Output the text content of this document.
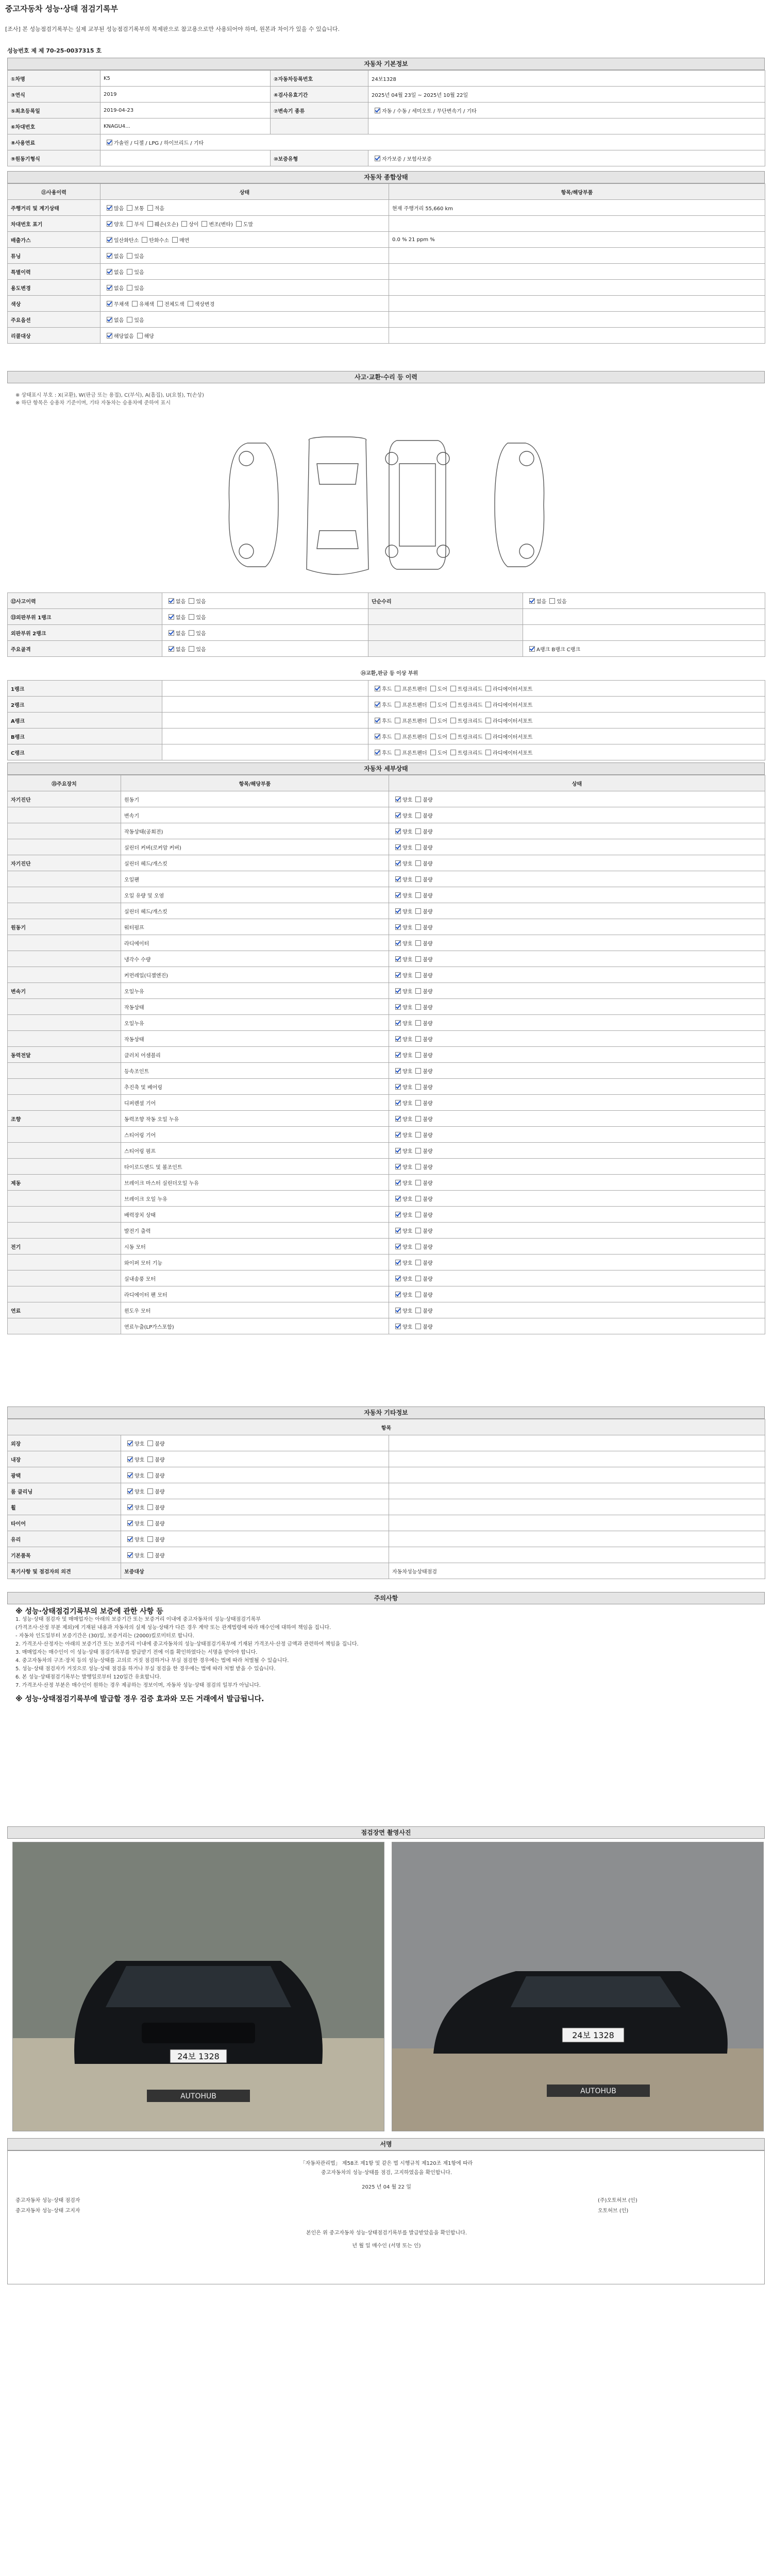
중고자동차 성능·상태 점검기록부
[조사] 본 성능점검기록부는 실제 교부된 성능점검기록부의 복제판으로 참고용으로만 사용되어야 하며, 원본과 차이가 있을 수 있습니다.
성능번호 제 제 70-25-0037315 호
자동차 기본정보
①차명	K5	②자동차등록번호	24보1328
③연식	2019	④검사유효기간	2025년 04월 23일 ~ 2025년 10월 22일
⑤최초등록일	2019-04-23	⑦변속기 종류	자동 / 수동 / 세미오토 / 무단변속기 / 기타
⑥차대번호	KNAGU4...		
⑧사용연료	가솔린 / 디젤 / LPG / 하이브리드 / 기타		
⑨원동기형식		⑩보증유형	자가보증 / 보험사보증
자동차 종합상태
⑪사용이력	상태	항목/해당부품
주행거리 및 계기상태	많음 보통 적음	현재 주행거리 55,660 km
차대번호 표기	양호 부식 훼손(오손) 상이 변조(변타) 도말	
배출가스	일산화탄소 탄화수소 매연	0.0 % 21 ppm %
튜닝	없음 있음	
특별이력	없음 있음	
용도변경	없음 있음	
색상	무채색 유채색 전체도색 색상변경	
주요옵션	없음 있음	
리콜대상	해당없음 해당	
사고·교환·수리 등 이력
※ 상태표시 부호 : X(교환), W(판금 또는 용접), C(부식), A(흠집), U(요철), T(손상)
※ 하단 항목은 승용차 기준이며, 기타 자동차는 승용차에 준하여 표시
⑫사고이력	없음 있음	단순수리	없음 있음
⑬외판부위 1랭크	없음 있음		
외판부위 2랭크	없음 있음		
주요골격	없음 있음		A랭크 B랭크 C랭크
⑭교환,판금 등 이상 부위
1랭크		후드 프론트펜더 도어 트렁크리드 라디에이터서포트
2랭크		후드 프론트펜더 도어 트렁크리드 라디에이터서포트
A랭크		후드 프론트펜더 도어 트렁크리드 라디에이터서포트
B랭크		후드 프론트펜더 도어 트렁크리드 라디에이터서포트
C랭크		후드 프론트펜더 도어 트렁크리드 라디에이터서포트
자동차 세부상태
⑮주요장치	항목/해당부품	상태
자기진단	원동기	양호 불량
	변속기	양호 불량
	작동상태(공회전)	양호 불량
	실린더 커버(로커암 커버)	양호 불량
자기진단	실린더 헤드/개스킷	양호 불량
	오일팬	양호 불량
	오일 유량 및 오염	양호 불량
	실린더 헤드/개스킷	양호 불량
원동기	워터펌프	양호 불량
	라디에이터	양호 불량
	냉각수 수량	양호 불량
	커먼레일(디젤엔진)	양호 불량
변속기	오일누유	양호 불량
	작동상태	양호 불량
	오일누유	양호 불량
	작동상태	양호 불량
동력전달	클러치 어셈블리	양호 불량
	등속조인트	양호 불량
	추진축 및 베어링	양호 불량
	디퍼렌셜 기어	양호 불량
조향	동력조향 작동 오일 누유	양호 불량
	스티어링 기어	양호 불량
	스티어링 펌프	양호 불량
	타이로드엔드 및 볼조인트	양호 불량
제동	브레이크 마스터 실린더오일 누유	양호 불량
	브레이크 오일 누유	양호 불량
	배력장치 상태	양호 불량
	발전기 출력	양호 불량
전기	시동 모터	양호 불량
	와이퍼 모터 기능	양호 불량
	실내송풍 모터	양호 불량
	라디에이터 팬 모터	양호 불량
연료	윈도우 모터	양호 불량
	연료누출(LP가스포함)	양호 불량
자동차 기타정보
항목		
외장	양호 불량	
내장	양호 불량	
광택	양호 불량	
룸 클리닝	양호 불량	
휠	양호 불량	
타이어	양호 불량	
유리	양호 불량	
기본품목	양호 불량	
특기사항 및 점검자의 의견	보증대상	자동차성능상태점검
주의사항
※ 성능·상태점검기록부의 보증에 관한 사항 등
1. 성능·상태 점검자 및 매매업자는 아래의 보증기간 또는 보증거리 이내에 중고자동차의 성능·상태점검기록부
(가격조사·산정 부분 제외)에 기재된 내용과 자동차의 실제 성능·상태가 다른 경우 계약 또는 관계법령에 따라 매수인에 대하여 책임을 집니다.
- 자동차 인도일부터 보증기간은 (30)일, 보증거리는 (2000)킬로미터로 합니다.
2. 가격조사·산정자는 아래의 보증기간 또는 보증거리 이내에 중고자동차의 성능·상태점검기록부에 기재된 가격조사·산정 금액과 관련하여 책임을 집니다.
3. 매매업자는 매수인이 이 성능·상태 점검기록부를 발급받기 전에 이를 확인하였다는 서명을 받아야 합니다.
4. 중고자동차의 구조·장치 등의 성능·상태를 고의로 거짓 점검하거나 부실 점검한 경우에는 법에 따라 처벌될 수 있습니다.
5. 성능·상태 점검자가 거짓으로 성능·상태 점검을 하거나 부실 점검을 한 경우에는 법에 따라 처벌 받을 수 있습니다.
6. 본 성능·상태점검기록부는 발행일로부터 120일간 유효합니다.
7. 가격조사·산정 부분은 매수인이 원하는 경우 제공하는 정보이며, 자동차 성능·상태 점검의 일부가 아닙니다.
※ 성능·상태점검기록부에 발급할 경우 검증 효과와 모든 거래에서 발급됩니다.
점검장면 촬영사진
24보 1328
AUTOHUB
24보 1328
AUTOHUB
서명
「자동차관리법」 제58조 제1항 및 같은 법 시행규칙 제120조 제1항에 따라
중고자동차의 성능·상태를 점검, 고지하였음을 확인합니다.
2025 년 04 월 22 일
중고자동차 성능·상태 점검자	(주)오토허브 (인)
중고자동차 성능·상태 고지자	오토허브 (인)
본인은 위 중고자동차 성능·상태점검기록부를 발급받았음을 확인합니다.
년 월 일 매수인 (서명 또는 인)
